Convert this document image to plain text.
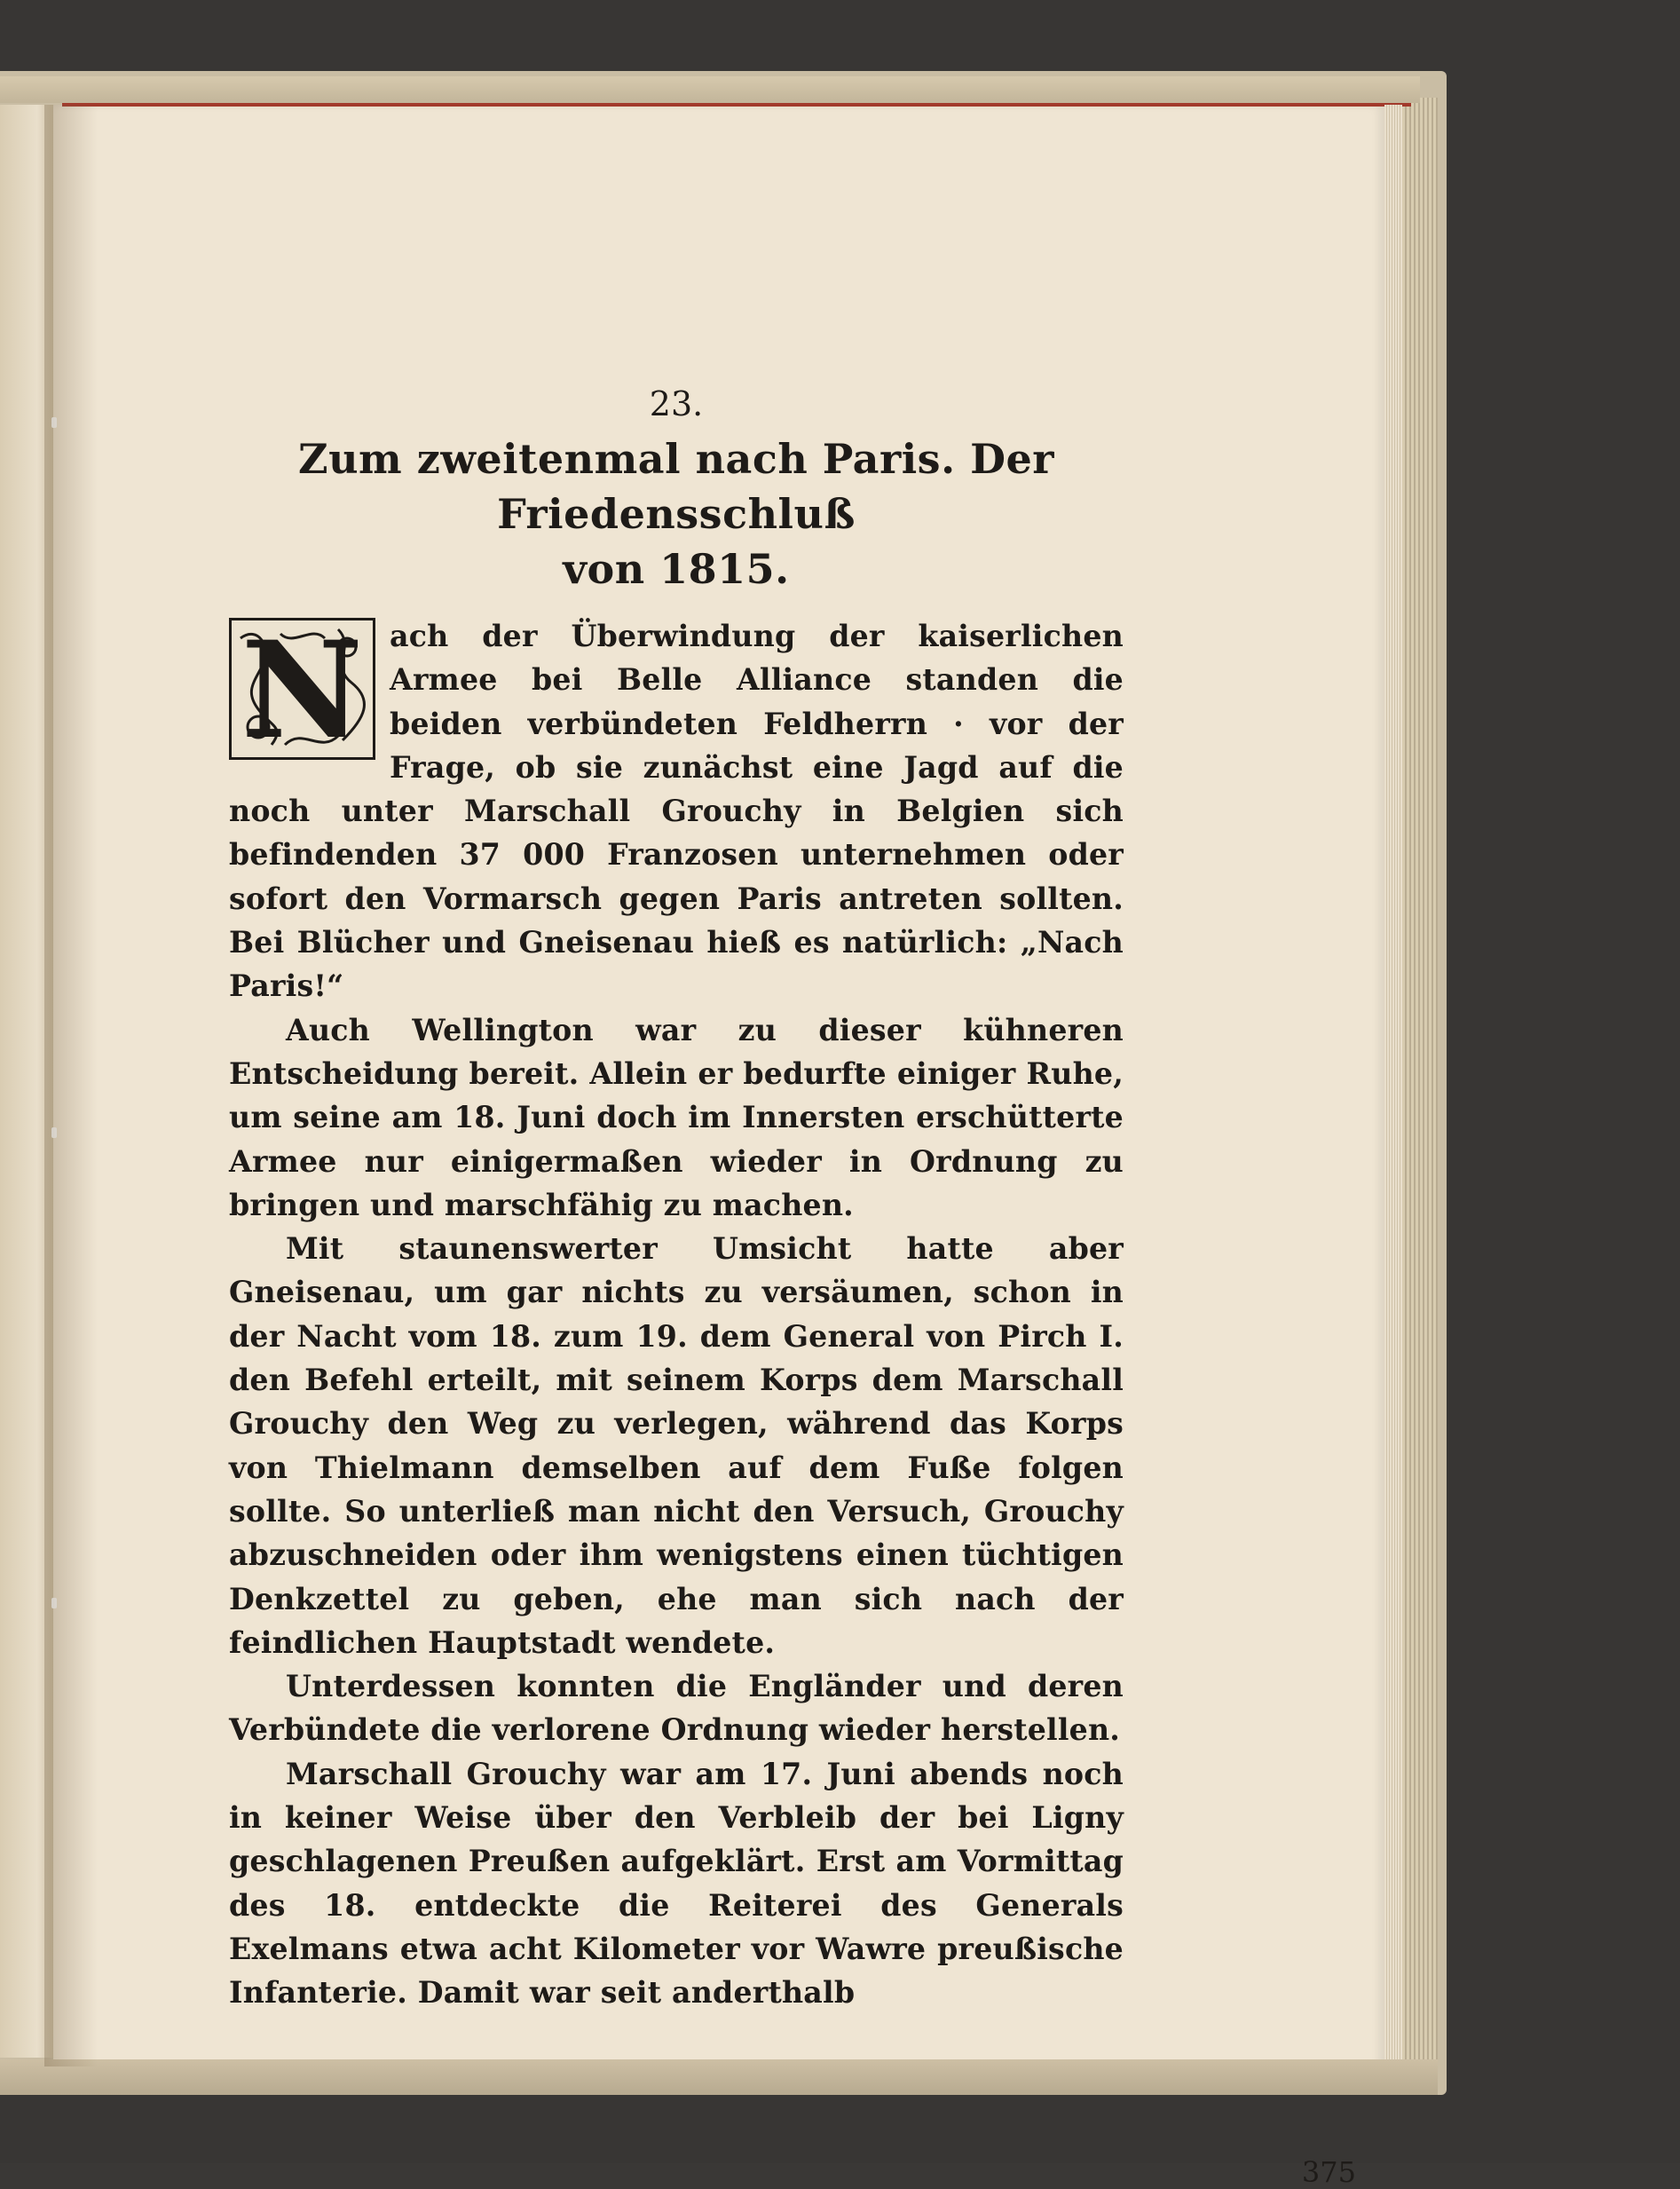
23.
Zum zweitenmal nach Paris. Der Friedensschluß
von 1815.

N ach der Überwindung der kaiserlichen Armee bei Belle Alliance standen die beiden verbündeten Feldherrn · vor der Frage, ob sie zunächst eine Jagd auf die noch unter Marschall Grouchy in Belgien sich befindenden 37 000 Franzosen unternehmen oder sofort den Vormarsch gegen Paris antreten sollten. Bei Blücher und Gneisenau hieß es natürlich: „Nach Paris!“

Auch Wellington war zu dieser kühneren Entscheidung bereit. Allein er bedurfte einiger Ruhe, um seine am 18. Juni doch im Innersten erschütterte Armee nur einigermaßen wieder in Ordnung zu bringen und marschfähig zu machen.

Mit staunenswerter Umsicht hatte aber Gneisenau, um gar nichts zu versäumen, schon in der Nacht vom 18. zum 19. dem General von Pirch I. den Befehl erteilt, mit seinem Korps dem Marschall Grouchy den Weg zu verlegen, während das Korps von Thielmann demselben auf dem Fuße folgen sollte. So unterließ man nicht den Versuch, Grouchy abzuschneiden oder ihm wenigstens einen tüchtigen Denkzettel zu geben, ehe man sich nach der feindlichen Hauptstadt wendete.

Unterdessen konnten die Engländer und deren Verbündete die verlorene Ordnung wieder herstellen.

Marschall Grouchy war am 17. Juni abends noch in keiner Weise über den Verbleib der bei Ligny geschlagenen Preußen aufgeklärt. Erst am Vormittag des 18. entdeckte die Reiterei des Generals Exelmans etwa acht Kilometer vor Wawre preußische Infanterie. Damit war seit anderthalb

375
